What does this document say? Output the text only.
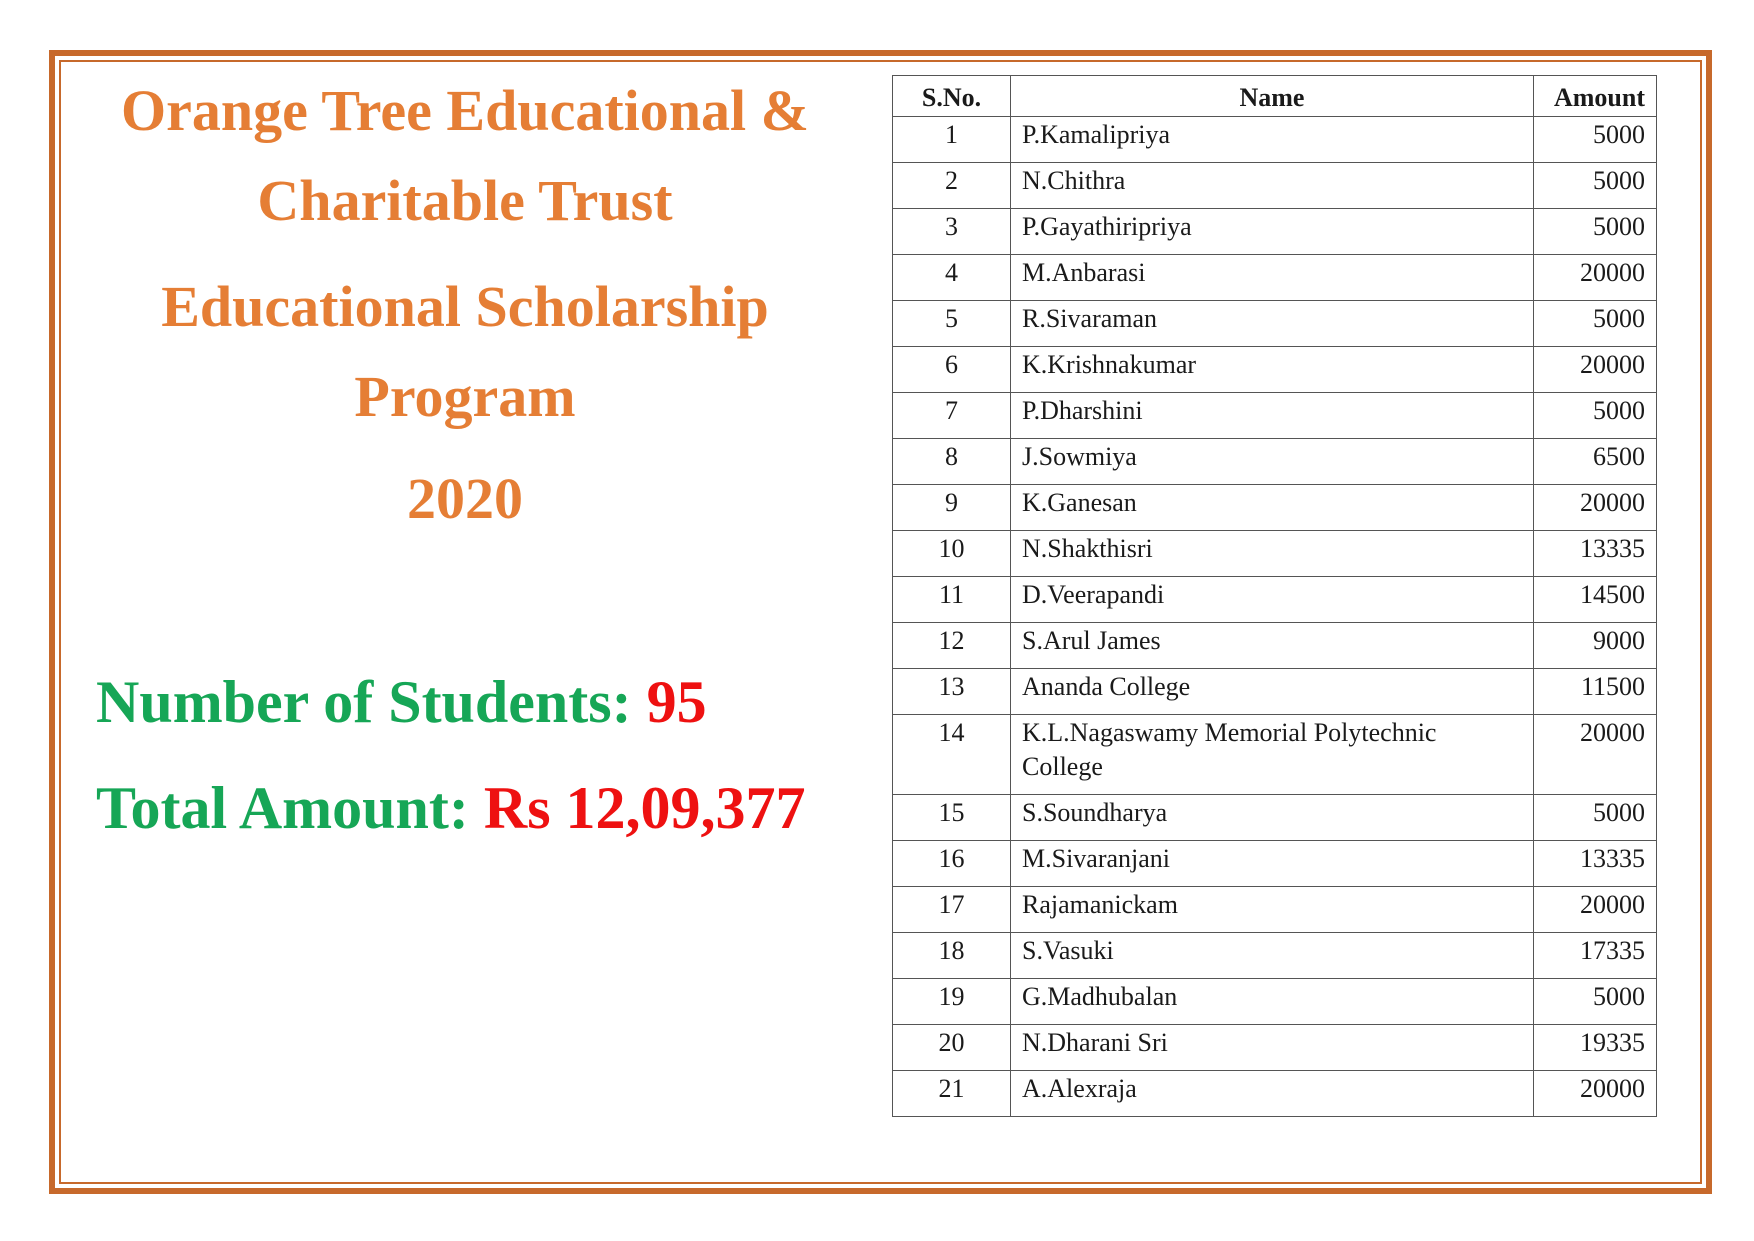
Orange Tree Educational &
Charitable Trust
Educational Scholarship
Program
2020
Number of Students: 95
Total Amount: Rs 12,09,377
S.No.	Name	Amount
1	P.Kamalipriya	5000
2	N.Chithra	5000
3	P.Gayathiripriya	5000
4	M.Anbarasi	20000
5	R.Sivaraman	5000
6	K.Krishnakumar	20000
7	P.Dharshini	5000
8	J.Sowmiya	6500
9	K.Ganesan	20000
10	N.Shakthisri	13335
11	D.Veerapandi	14500
12	S.Arul James	9000
13	Ananda College	11500
14	K.L.Nagaswamy Memorial Polytechnic College	20000
15	S.Soundharya	5000
16	M.Sivaranjani	13335
17	Rajamanickam	20000
18	S.Vasuki	17335
19	G.Madhubalan	5000
20	N.Dharani Sri	19335
21	A.Alexraja	20000
